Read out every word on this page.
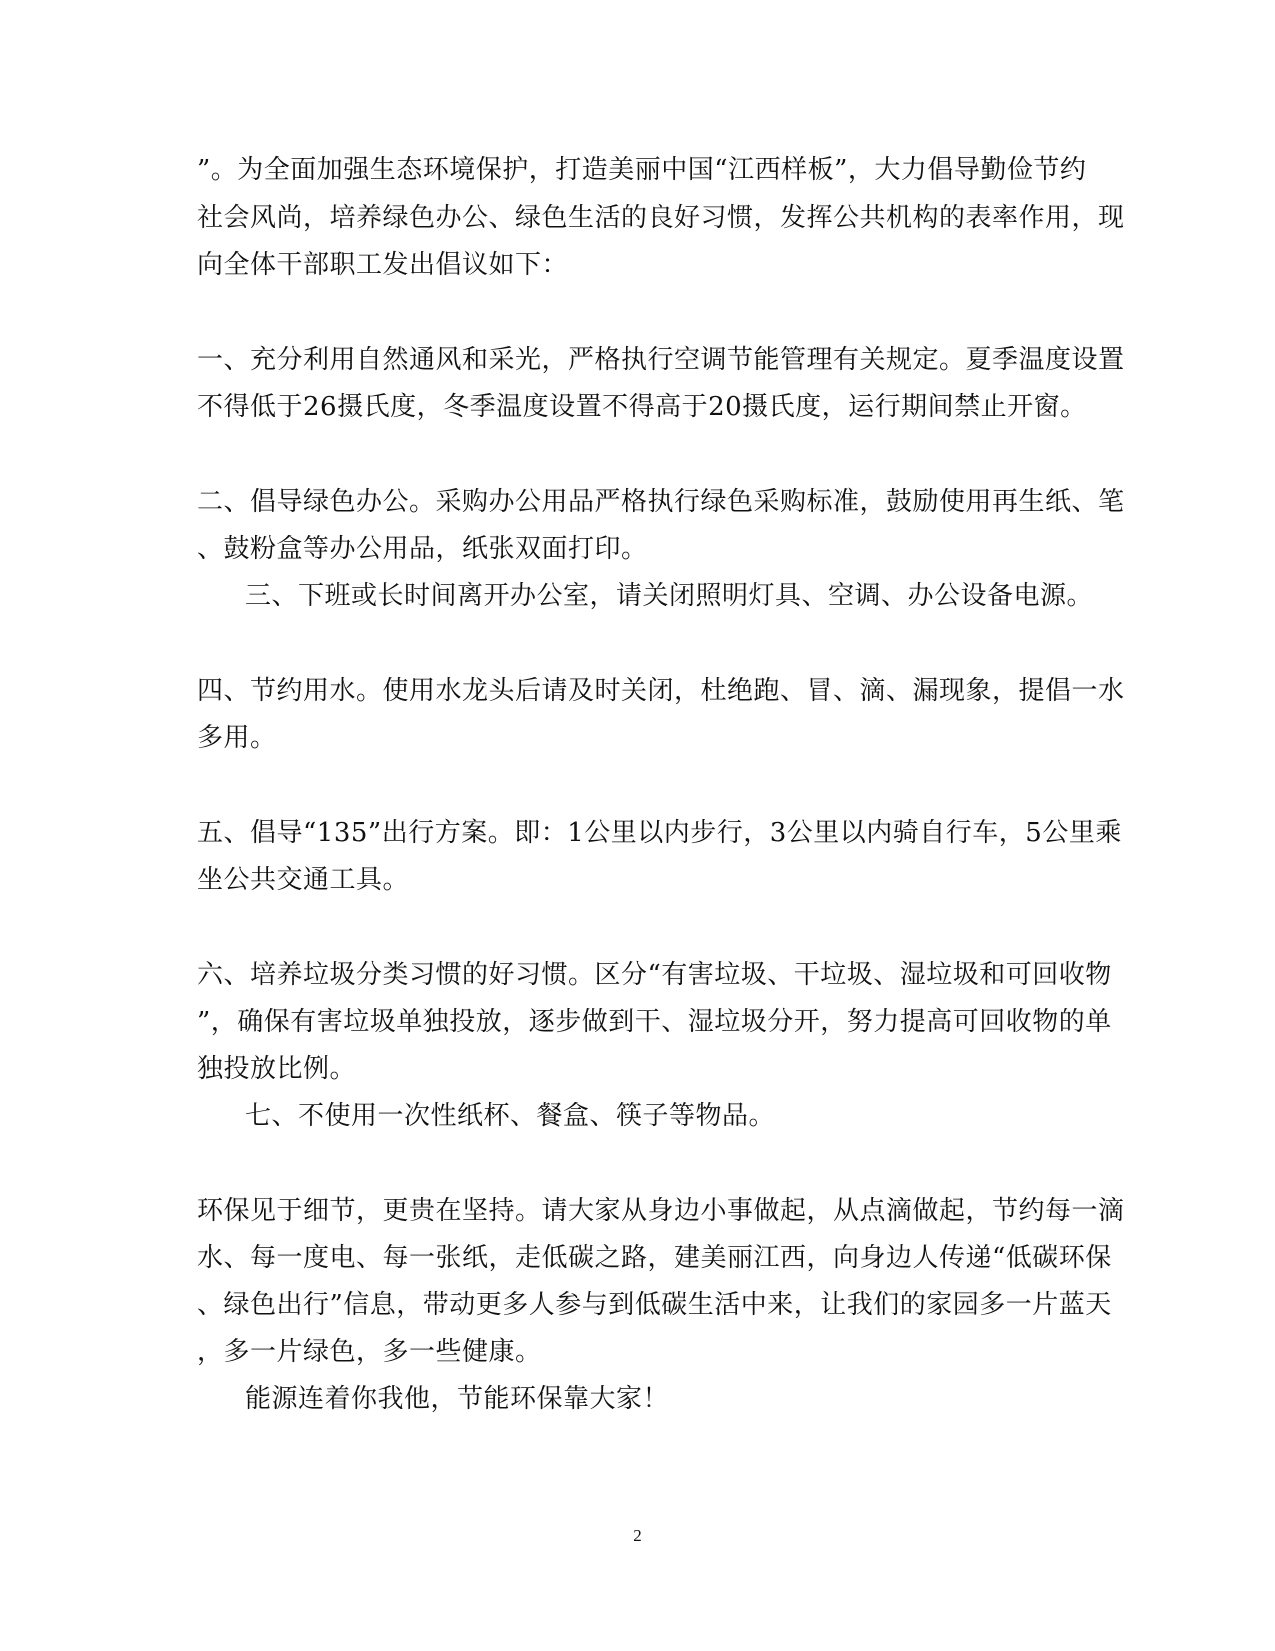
”。为全面加强生态环境保护，打造美丽中国“江西样板”，大力倡导勤俭节约
社会风尚，培养绿色办公、绿色生活的良好习惯，发挥公共机构的表率作用，现
向全体干部职工发出倡议如下：
一、充分利用自然通风和采光，严格执行空调节能管理有关规定。夏季温度设置
不得低于26摄氏度，冬季温度设置不得高于20摄氏度，运行期间禁止开窗。
二、倡导绿色办公。采购办公用品严格执行绿色采购标准，鼓励使用再生纸、笔
、鼓粉盒等办公用品，纸张双面打印。
三、下班或长时间离开办公室，请关闭照明灯具、空调、办公设备电源。
四、节约用水。使用水龙头后请及时关闭，杜绝跑、冒、滴、漏现象，提倡一水
多用。
五、倡导“135”出行方案。即：1公里以内步行，3公里以内骑自行车，5公里乘
坐公共交通工具。
六、培养垃圾分类习惯的好习惯。区分“有害垃圾、干垃圾、湿垃圾和可回收物
”，确保有害垃圾单独投放，逐步做到干、湿垃圾分开，努力提高可回收物的单
独投放比例。
七、不使用一次性纸杯、餐盒、筷子等物品。
环保见于细节，更贵在坚持。请大家从身边小事做起，从点滴做起，节约每一滴
水、每一度电、每一张纸，走低碳之路，建美丽江西，向身边人传递“低碳环保
、绿色出行”信息，带动更多人参与到低碳生活中来，让我们的家园多一片蓝天
，多一片绿色，多一些健康。
能源连着你我他，节能环保靠大家！
2
